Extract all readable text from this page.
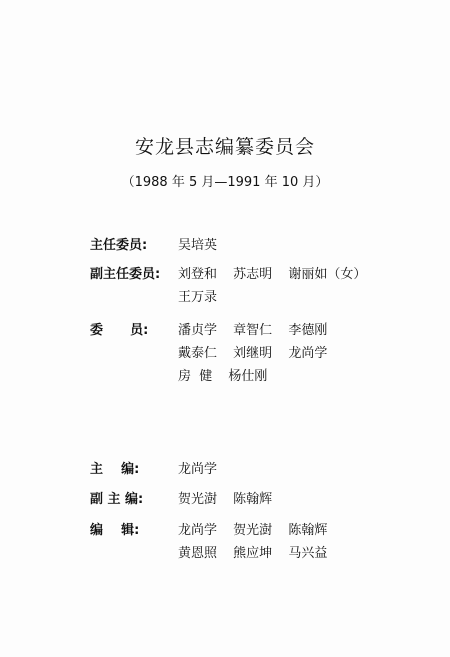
安龙县志编纂委员会
（1988 年 5 月—1991 年 10 月）
主任委员:	吴培英
副主任委员:	刘登和 苏志明 谢丽如（女）
王万录
委      员:	潘贞学 章智仁 李德刚
戴泰仁 刘继明 龙尚学
房  健 杨仕刚
主    编:	龙尚学
副 主 编:	贺光澍 陈翰辉
编    辑:	龙尚学 贺光澍 陈翰辉
黄恩照 熊应坤 马兴益
